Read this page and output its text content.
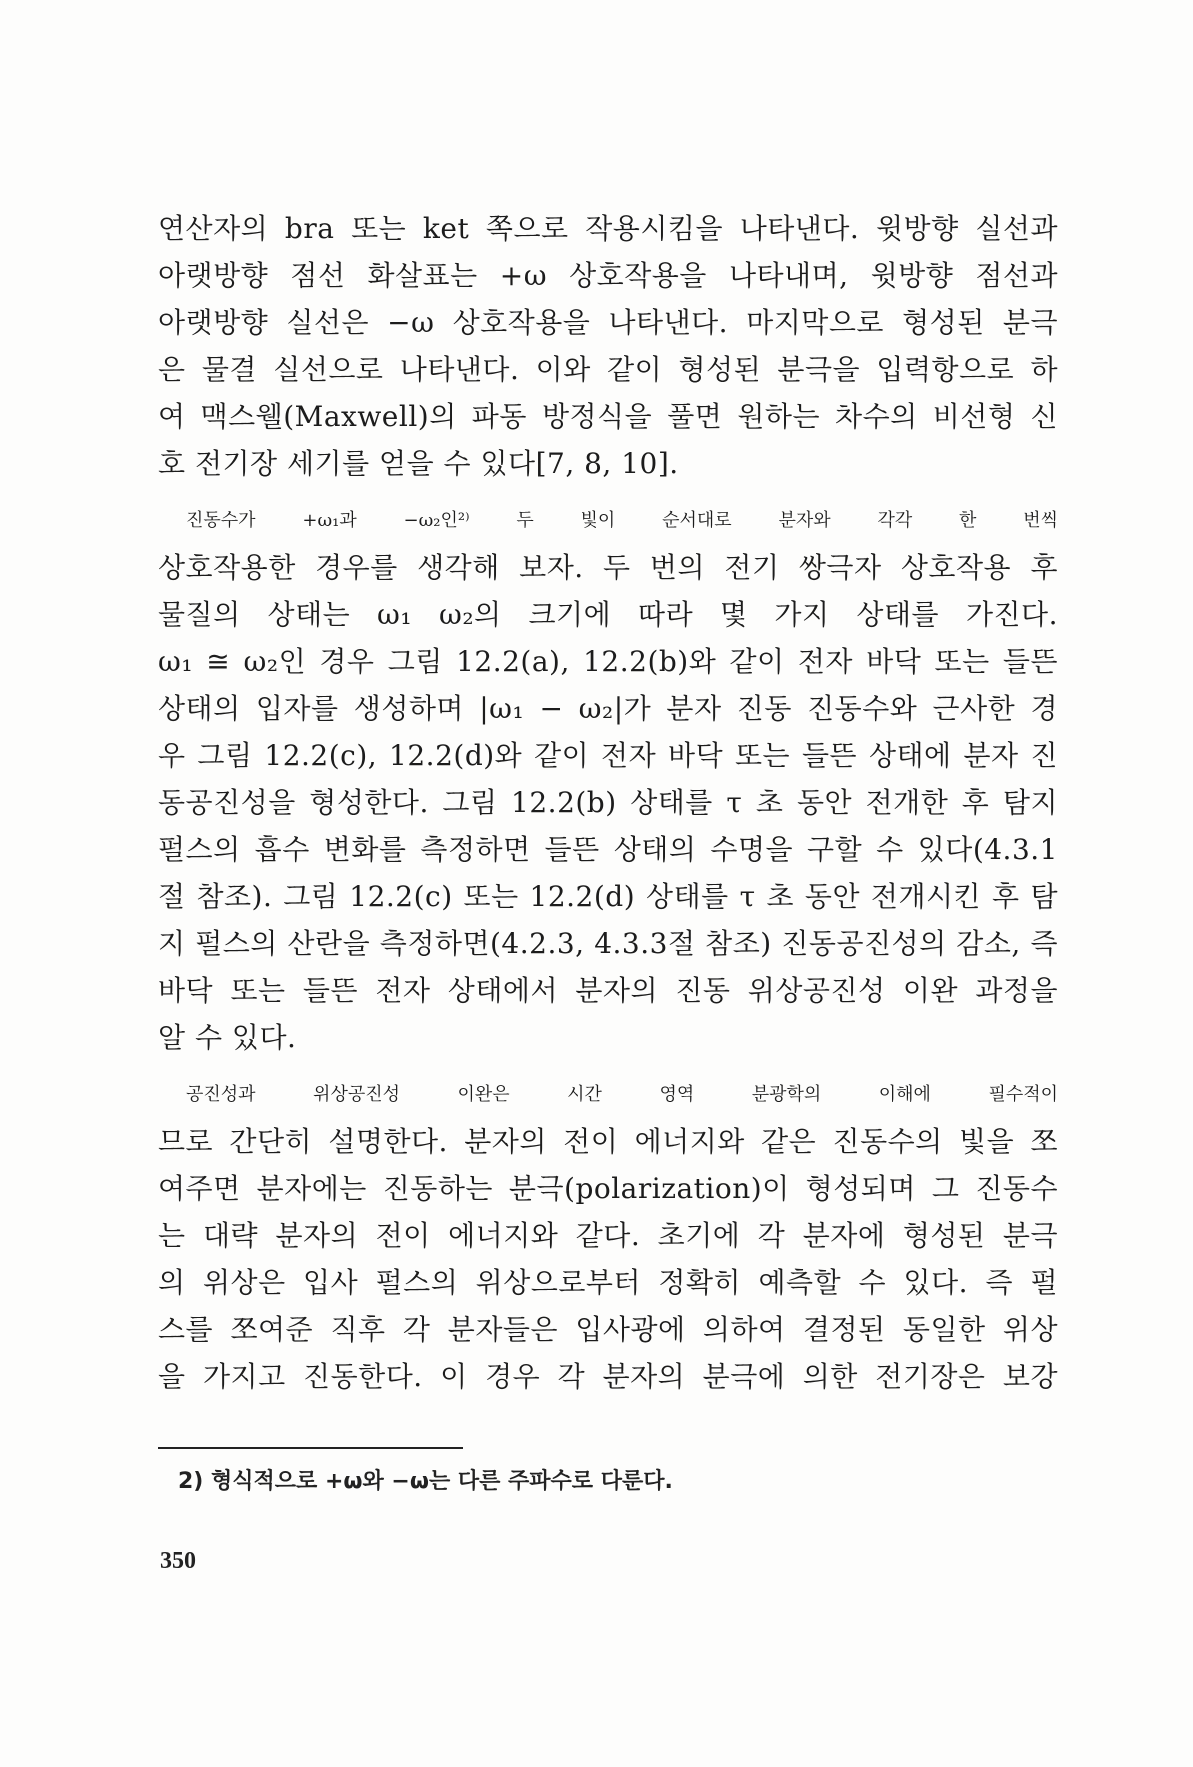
연산자의 bra 또는 ket 쪽으로 작용시킴을 나타낸다. 윗방향 실선과
아랫방향 점선 화살표는 +ω 상호작용을 나타내며, 윗방향 점선과
아랫방향 실선은 −ω 상호작용을 나타낸다. 마지막으로 형성된 분극
은 물결 실선으로 나타낸다. 이와 같이 형성된 분극을 입력항으로 하
여 맥스웰(Maxwell)의 파동 방정식을 풀면 원하는 차수의 비선형 신
호 전기장 세기를 얻을 수 있다[7, 8, 10].
진동수가 +ω₁과 −ω₂인²⁾ 두 빛이 순서대로 분자와 각각 한 번씩
상호작용한 경우를 생각해 보자. 두 번의 전기 쌍극자 상호작용 후
물질의 상태는 ω₁ ω₂의 크기에 따라 몇 가지 상태를 가진다.
ω₁ ≅ ω₂인 경우 그림 12.2(a), 12.2(b)와 같이 전자 바닥 또는 들뜬
상태의 입자를 생성하며 |ω₁ − ω₂|가 분자 진동 진동수와 근사한 경
우 그림 12.2(c), 12.2(d)와 같이 전자 바닥 또는 들뜬 상태에 분자 진
동공진성을 형성한다. 그림 12.2(b) 상태를 τ 초 동안 전개한 후 탐지
펄스의 흡수 변화를 측정하면 들뜬 상태의 수명을 구할 수 있다(4.3.1
절 참조). 그림 12.2(c) 또는 12.2(d) 상태를 τ 초 동안 전개시킨 후 탐
지 펄스의 산란을 측정하면(4.2.3, 4.3.3절 참조) 진동공진성의 감소, 즉
바닥 또는 들뜬 전자 상태에서 분자의 진동 위상공진성 이완 과정을
알 수 있다.
공진성과 위상공진성 이완은 시간 영역 분광학의 이해에 필수적이
므로 간단히 설명한다. 분자의 전이 에너지와 같은 진동수의 빛을 쪼
여주면 분자에는 진동하는 분극(polarization)이 형성되며 그 진동수
는 대략 분자의 전이 에너지와 같다. 초기에 각 분자에 형성된 분극
의 위상은 입사 펄스의 위상으로부터 정확히 예측할 수 있다. 즉 펄
스를 쪼여준 직후 각 분자들은 입사광에 의하여 결정된 동일한 위상
을 가지고 진동한다. 이 경우 각 분자의 분극에 의한 전기장은 보강
2) 형식적으로 +ω와 −ω는 다른 주파수로 다룬다.
350
